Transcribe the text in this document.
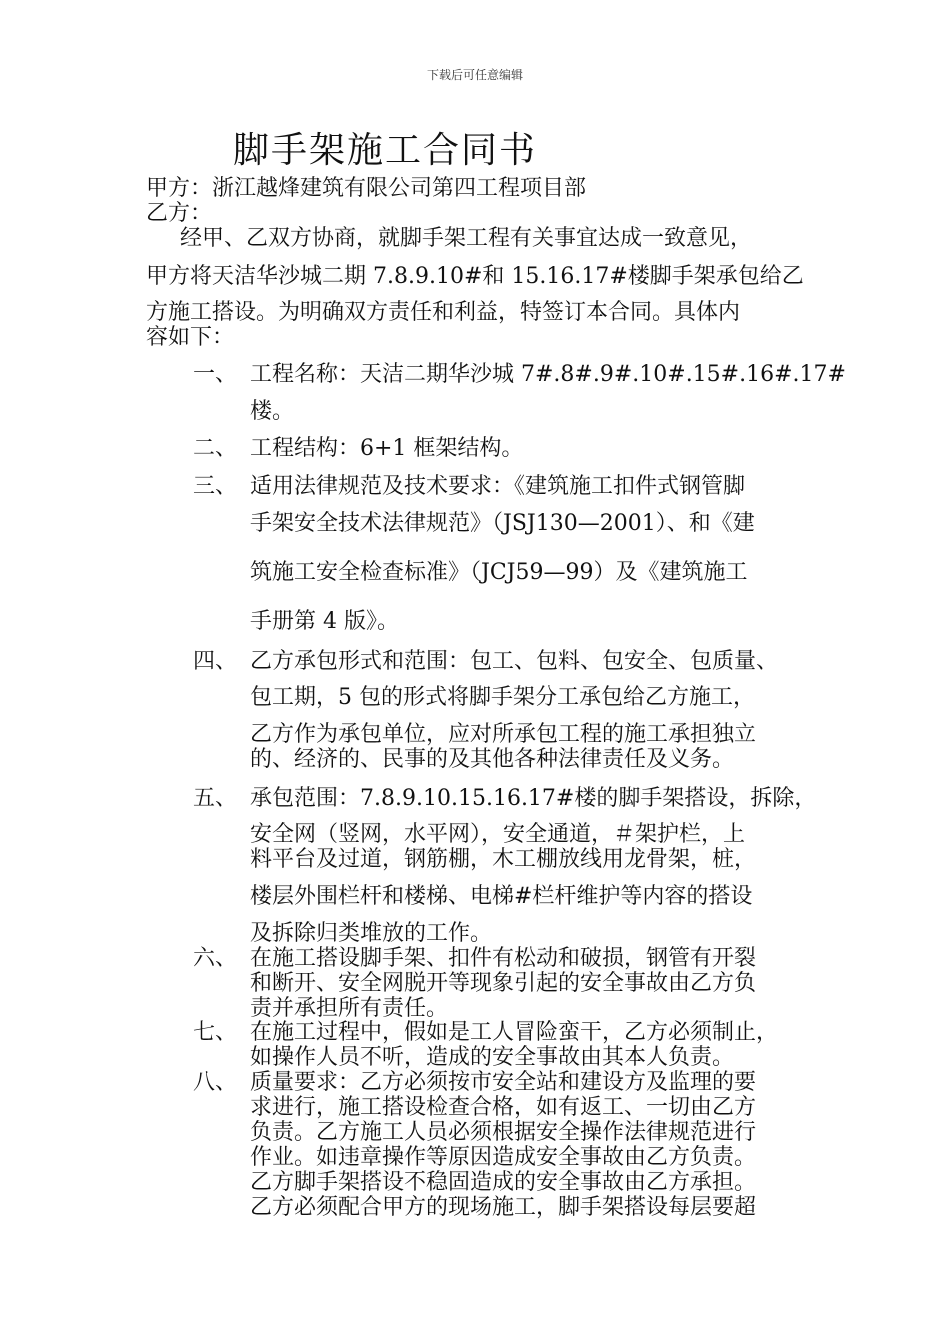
下载后可任意编辑
脚手架施工合同书
甲方：浙江越烽建筑有限公司第四工程项目部
乙方：
经甲、乙双方协商，就脚手架工程有关事宜达成一致意见，
甲方将天洁华沙城二期 7.8.9.10#和 15.16.17#楼脚手架承包给乙
方施工搭设。为明确双方责任和利益，特签订本合同。具体内
容如下：
一、 工程名称：天洁二期华沙城 7#.8#.9#.10#.15#.16#.17#
楼。
二、 工程结构：6+1 框架结构。
三、 适用法律规范及技术要求：《建筑施工扣件式钢管脚
手架安全技术法律规范》（JSJ130—2001）、和《建
筑施工安全检查标准》（JCJ59—99）及《建筑施工
手册第 4 版》。
四、 乙方承包形式和范围：包工、包料、包安全、包质量、
包工期，5 包的形式将脚手架分工承包给乙方施工，
乙方作为承包单位，应对所承包工程的施工承担独立
的、经济的、民事的及其他各种法律责任及义务。
五、 承包范围：7.8.9.10.15.16.17#楼的脚手架搭设，拆除，
安全网（竖网，水平网），安全通道，＃架护栏，上
料平台及过道，钢筋棚，木工棚放线用龙骨架，桩，
楼层外围栏杆和楼梯、电梯#栏杆维护等内容的搭设
及拆除归类堆放的工作。
六、 在施工搭设脚手架、扣件有松动和破损，钢管有开裂
和断开、安全网脱开等现象引起的安全事故由乙方负
责并承担所有责任。
七、 在施工过程中，假如是工人冒险蛮干，乙方必须制止，
如操作人员不听，造成的安全事故由其本人负责。
八、 质量要求：乙方必须按市安全站和建设方及监理的要
求进行，施工搭设检查合格，如有返工、一切由乙方
负责。乙方施工人员必须根据安全操作法律规范进行
作业。如违章操作等原因造成安全事故由乙方负责。
乙方脚手架搭设不稳固造成的安全事故由乙方承担。
乙方必须配合甲方的现场施工，脚手架搭设每层要超
